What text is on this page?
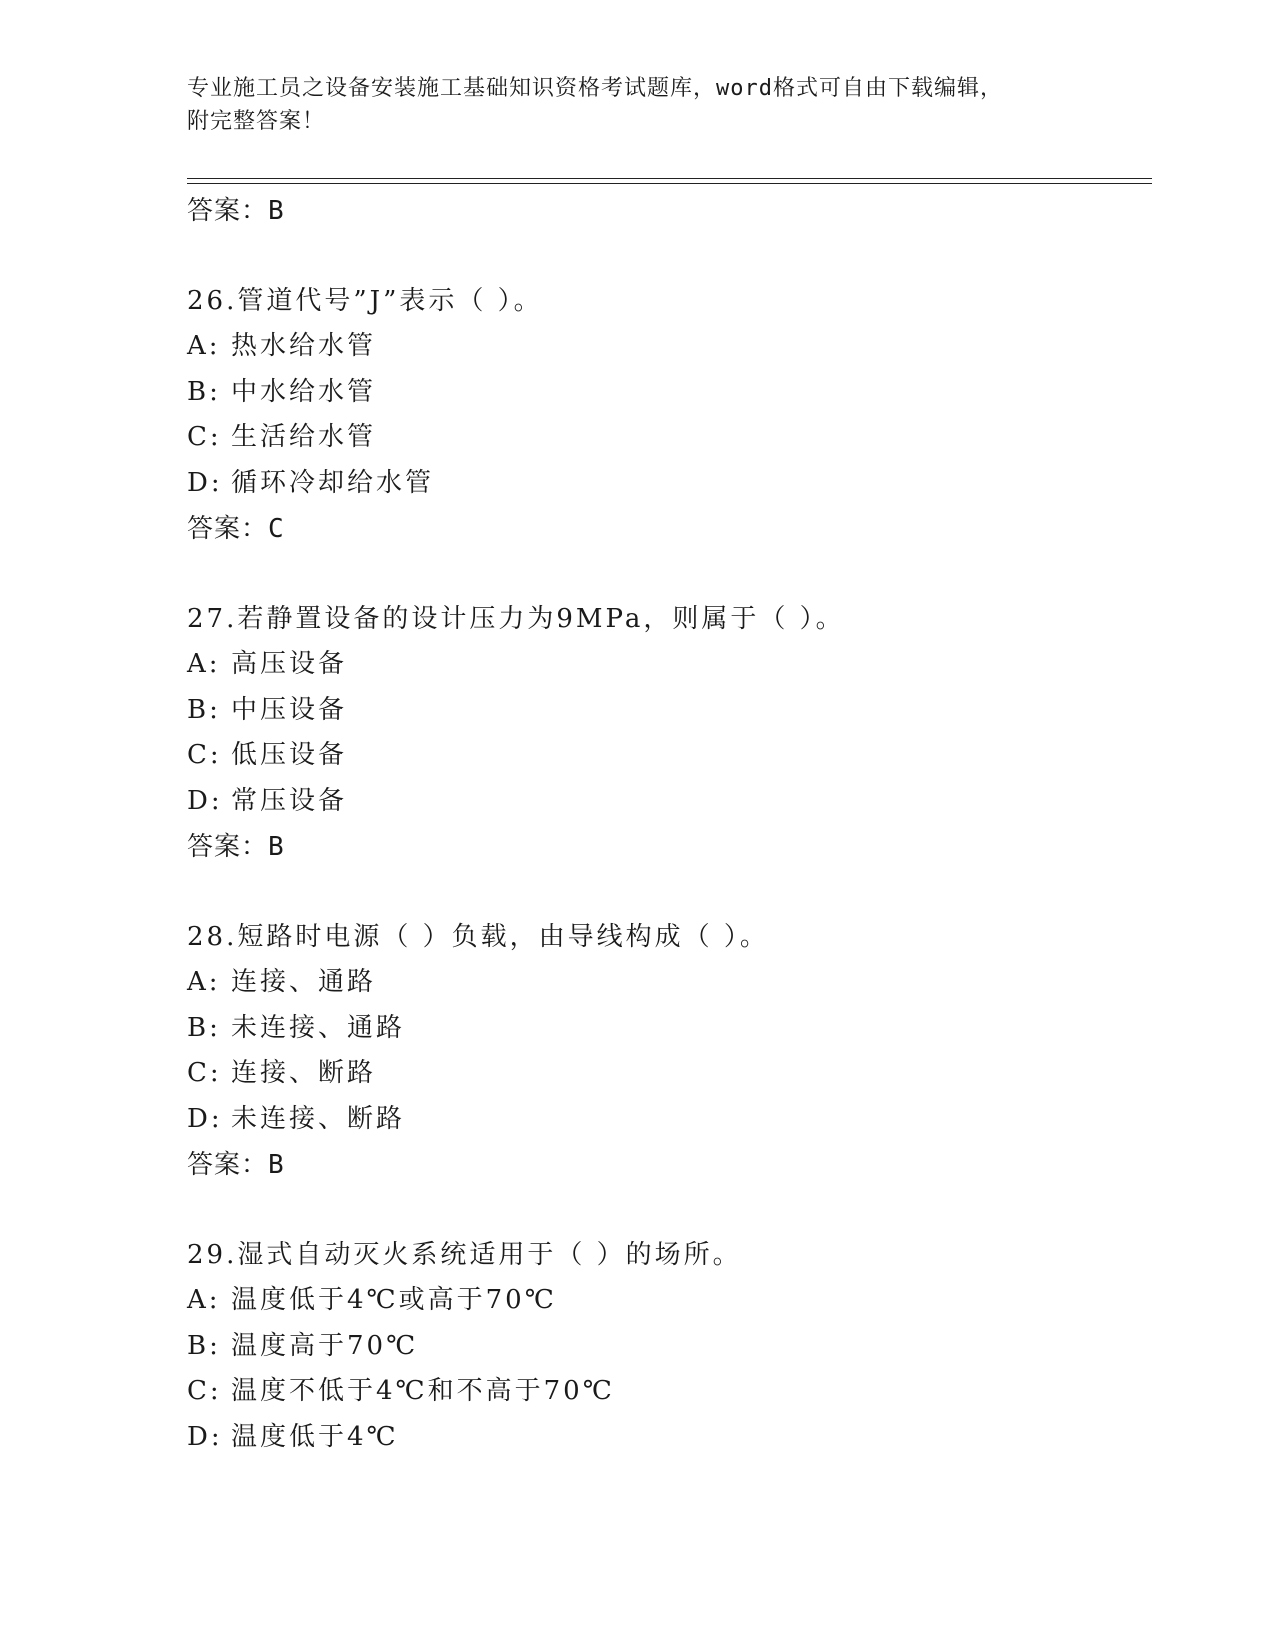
专业施工员之设备安装施工基础知识资格考试题库，word格式可自由下载编辑，
附完整答案！
答案：B
26.管道代号”J”表示（ ）。
A: 热水给水管
B: 中水给水管
C: 生活给水管
D: 循环冷却给水管
答案：C
27.若静置设备的设计压力为9MPa，则属于（ ）。
A: 高压设备
B: 中压设备
C: 低压设备
D: 常压设备
答案：B
28.短路时电源（ ）负载，由导线构成（ ）。
A: 连接、通路
B: 未连接、通路
C: 连接、断路
D: 未连接、断路
答案：B
29.湿式自动灭火系统适用于（ ）的场所。
A: 温度低于4℃或高于70℃
B: 温度高于70℃
C: 温度不低于4℃和不高于70℃
D: 温度低于4℃
